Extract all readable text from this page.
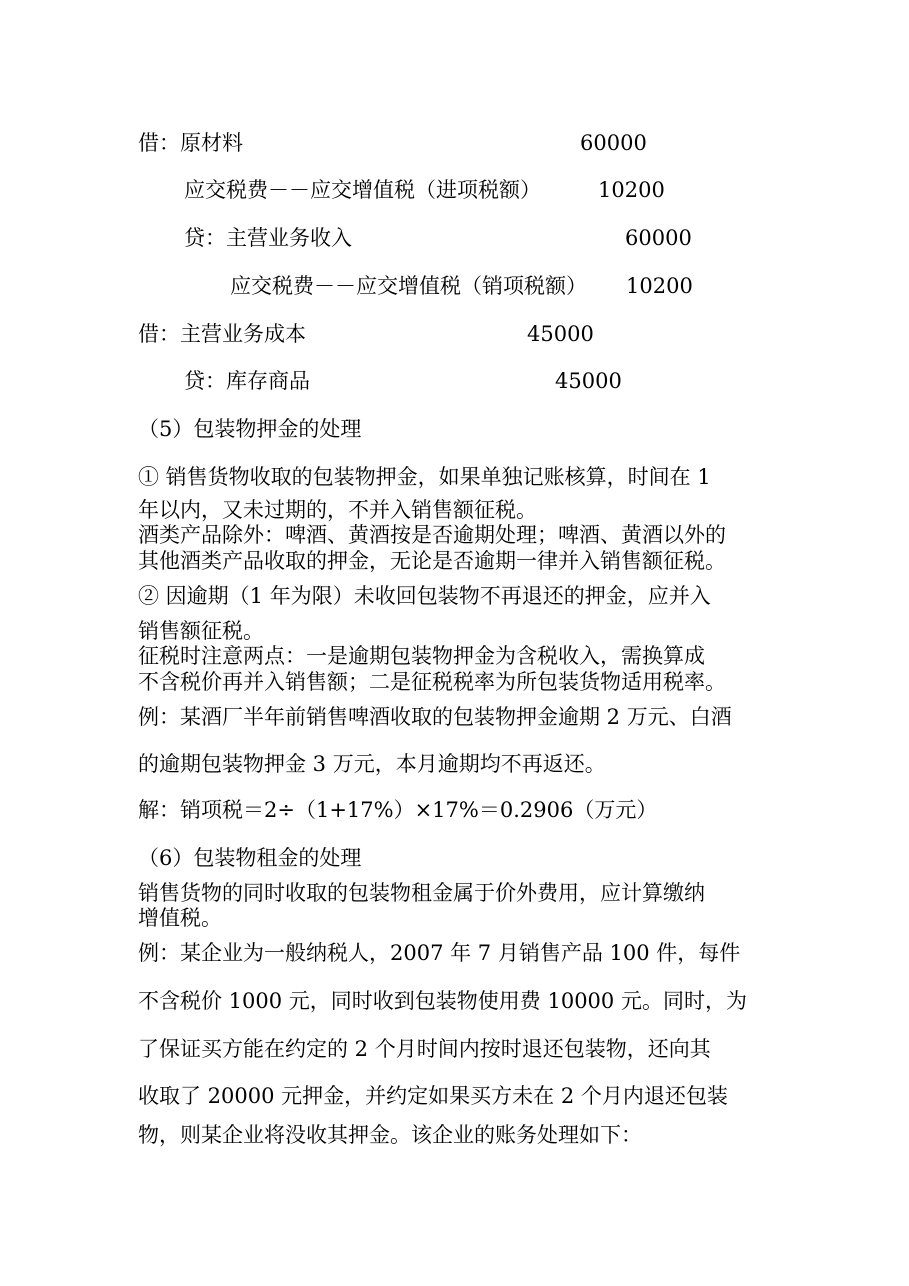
借：原材料	60000
应交税费－－应交增值税（进项税额）	10200
贷：主营业务收入	60000
应交税费－－应交增值税（销项税额） 10200
借：主营业务成本	45000
贷：库存商品	45000
（5）包装物押金的处理
① 销售货物收取的包装物押金，如果单独记账核算，时间在 1
年以内，又未过期的，不并入销售额征税。
酒类产品除外：啤酒、黄酒按是否逾期处理；啤酒、黄酒以外的
其他酒类产品收取的押金，无论是否逾期一律并入销售额征税。
② 因逾期（1 年为限）未收回包装物不再退还的押金，应并入
销售额征税。
征税时注意两点：一是逾期包装物押金为含税收入，需换算成
不含税价再并入销售额；二是征税税率为所包装货物适用税率。
例：某酒厂半年前销售啤酒收取的包装物押金逾期 2 万元、白酒
的逾期包装物押金 3 万元，本月逾期均不再返还。
解：销项税＝2÷（1+17%）×17%＝0.2906（万元）
（6）包装物租金的处理
销售货物的同时收取的包装物租金属于价外费用，应计算缴纳
增值税。
例：某企业为一般纳税人，2007 年 7 月销售产品 100 件，每件
不含税价 1000 元，同时收到包装物使用费 10000 元。同时，为
了保证买方能在约定的 2 个月时间内按时退还包装物，还向其
收取了 20000 元押金，并约定如果买方未在 2 个月内退还包装
物，则某企业将没收其押金。该企业的账务处理如下：
